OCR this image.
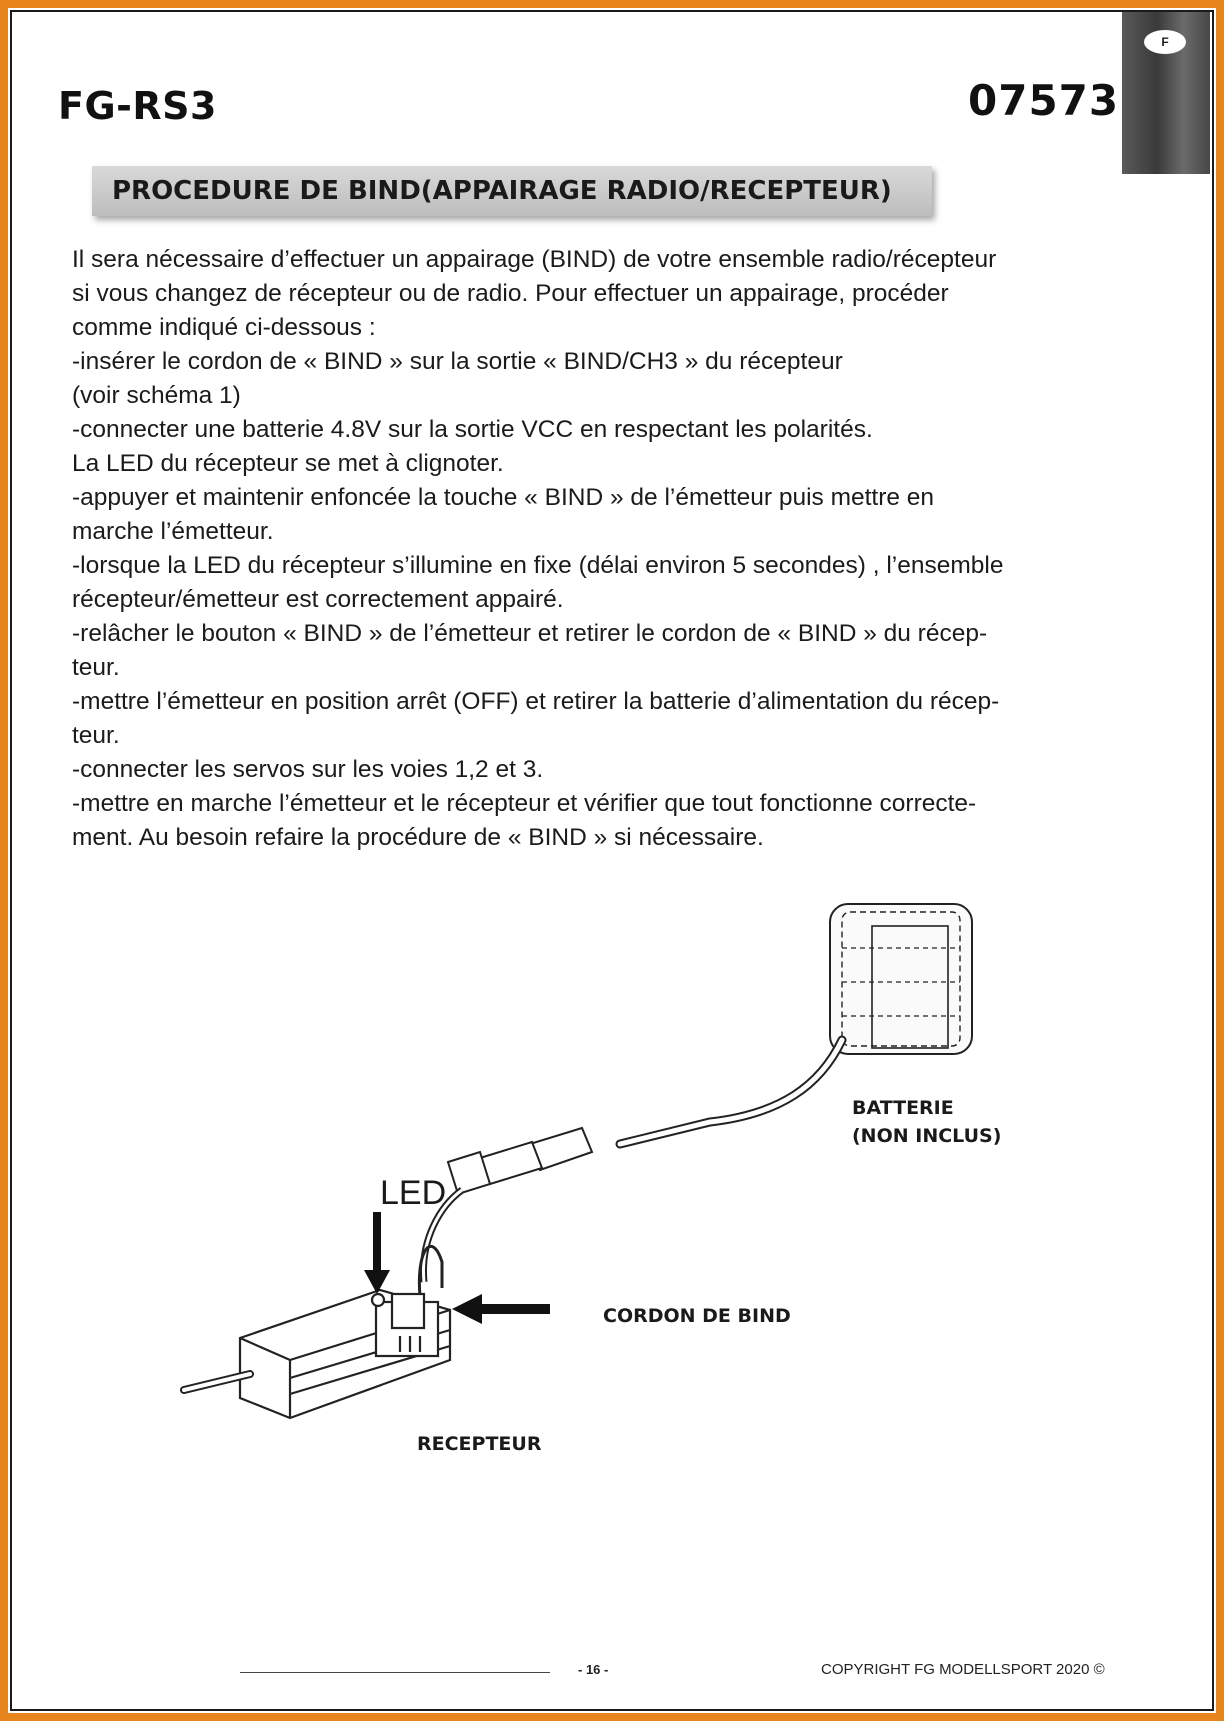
F
FG-RS3	07573
PROCEDURE DE BIND(APPAIRAGE RADIO/RECEPTEUR)
Il sera nécessaire d’effectuer un appairage (BIND) de votre ensemble radio/récepteur
si vous changez de récepteur ou de radio. Pour effectuer un appairage, procéder
comme indiqué ci-dessous :
-insérer le cordon de « BIND » sur la sortie « BIND/CH3 » du récepteur
(voir schéma 1)
-connecter une batterie 4.8V sur la sortie VCC en respectant les polarités.
La LED du récepteur se met à clignoter.
-appuyer et maintenir enfoncée la touche « BIND » de l’émetteur puis mettre en
marche l’émetteur.
-lorsque la LED du récepteur s’illumine en fixe (délai environ 5 secondes) , l’ensemble
récepteur/émetteur est correctement appairé.
-relâcher le bouton « BIND » de l’émetteur et retirer le cordon de « BIND » du récep-
teur.
-mettre l’émetteur en position arrêt (OFF) et retirer la batterie d’alimentation du récep-
teur.
-connecter les servos sur les voies 1,2 et 3.
-mettre en marche l’émetteur et le récepteur et vérifier que tout fonctionne correcte-
ment. Au besoin refaire la procédure de « BIND » si nécessaire.
LED
BATTERIE
(NON INCLUS)
CORDON DE BIND
RECEPTEUR
- 16 -	COPYRIGHT FG MODELLSPORT 2020 ©
